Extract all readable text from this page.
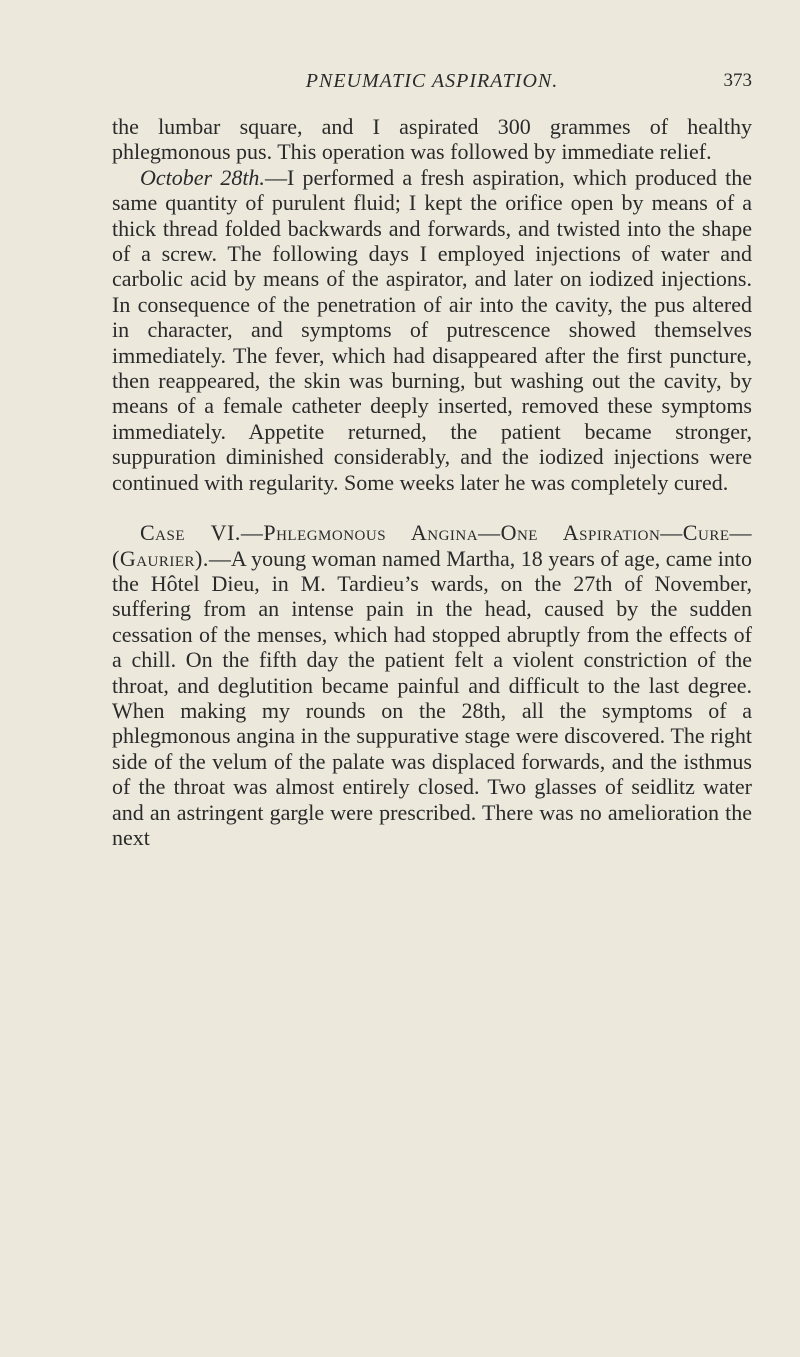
PNEUMATIC ASPIRATION.	373

the lumbar square, and I aspirated 300 grammes of healthy phlegmonous pus. This operation was followed by immediate relief.

October 28th.—I performed a fresh aspiration, which produced the same quantity of purulent fluid; I kept the orifice open by means of a thick thread folded backwards and forwards, and twisted into the shape of a screw. The following days I employed injections of water and carbolic acid by means of the aspirator, and later on iodized injections. In consequence of the penetration of air into the cavity, the pus altered in character, and symptoms of putrescence showed themselves immediately. The fever, which had disappeared after the first puncture, then reappeared, the skin was burning, but washing out the cavity, by means of a female catheter deeply inserted, removed these symptoms immediately. Appetite returned, the patient became stronger, suppuration diminished considerably, and the iodized injections were continued with regularity. Some weeks later he was completely cured.

Case VI.—Phlegmonous Angina—One Aspiration—Cure—(Gaurier).—A young woman named Martha, 18 years of age, came into the Hôtel Dieu, in M. Tardieu’s wards, on the 27th of November, suffering from an intense pain in the head, caused by the sudden cessation of the menses, which had stopped abruptly from the effects of a chill. On the fifth day the patient felt a violent constriction of the throat, and deglutition became painful and difficult to the last degree. When making my rounds on the 28th, all the symptoms of a phlegmonous angina in the suppurative stage were discovered. The right side of the velum of the palate was displaced forwards, and the isthmus of the throat was almost entirely closed. Two glasses of seidlitz water and an astringent gargle were prescribed. There was no amelioration the next
